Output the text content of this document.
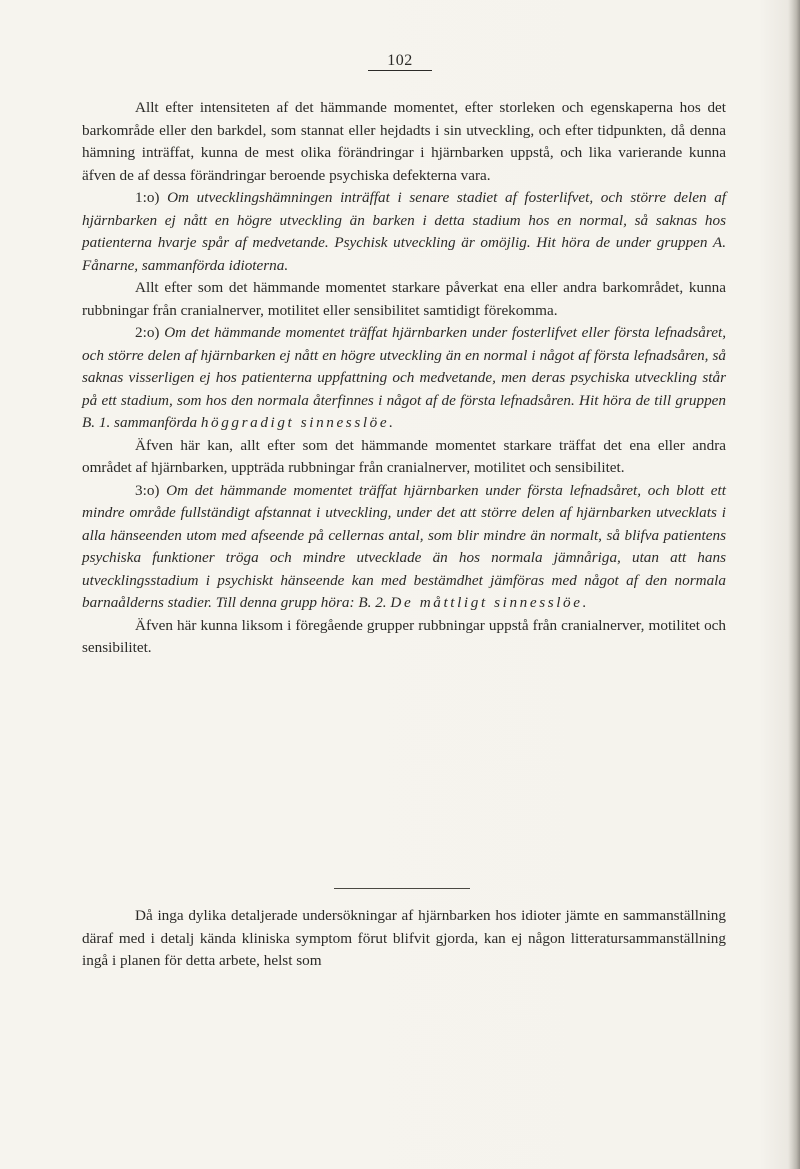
102

Allt efter intensiteten af det hämmande momentet, efter storleken och egenskaperna hos det barkområde eller den barkdel, som stannat eller hejdadts i sin utveckling, och efter tidpunkten, då denna hämning inträffat, kunna de mest olika förändringar i hjärnbarken uppstå, och lika varierande kunna äfven de af dessa förändringar beroende psychiska defekterna vara.

1:o) Om utvecklingshämningen inträffat i senare stadiet af fosterlifvet, och större delen af hjärnbarken ej nått en högre utveckling än barken i detta stadium hos en normal, så saknas hos patienterna hvarje spår af medvetande. Psychisk utveckling är omöjlig. Hit höra de under gruppen A. Fånarne, sammanförda idioterna.

Allt efter som det hämmande momentet starkare påverkat ena eller andra barkområdet, kunna rubbningar från cranialnerver, motilitet eller sensibilitet samtidigt förekomma.

2:o) Om det hämmande momentet träffat hjärnbarken under fosterlifvet eller första lefnadsåret, och större delen af hjärnbarken ej nått en högre utveckling än en normal i något af första lefnadsåren, så saknas visserligen ej hos patienterna uppfattning och medvetande, men deras psychiska utveckling står på ett stadium, som hos den normala återfinnes i något af de första lefnadsåren. Hit höra de till gruppen B. 1. sammanförda höggradigt sinnesslöe.

Äfven här kan, allt efter som det hämmande momentet starkare träffat det ena eller andra området af hjärnbarken, uppträda rubbningar från cranialnerver, motilitet och sensibilitet.

3:o) Om det hämmande momentet träffat hjärnbarken under första lefnadsåret, och blott ett mindre område fullständigt afstannat i utveckling, under det att större delen af hjärnbarken utvecklats i alla hänseenden utom med afseende på cellernas antal, som blir mindre än normalt, så blifva patientens psychiska funktioner tröga och mindre utvecklade än hos normala jämnåriga, utan att hans utvecklingsstadium i psychiskt hänseende kan med bestämdhet jämföras med något af den normala barnaålderns stadier. Till denna grupp höra: B. 2. De måttligt sinnesslöe.

Äfven här kunna liksom i föregående grupper rubbningar uppstå från cranialnerver, motilitet och sensibilitet.

Då inga dylika detaljerade undersökningar af hjärnbarken hos idioter jämte en sammanställning däraf med i detalj kända kliniska symptom förut blifvit gjorda, kan ej någon litteratursammanställning ingå i planen för detta arbete, helst som
